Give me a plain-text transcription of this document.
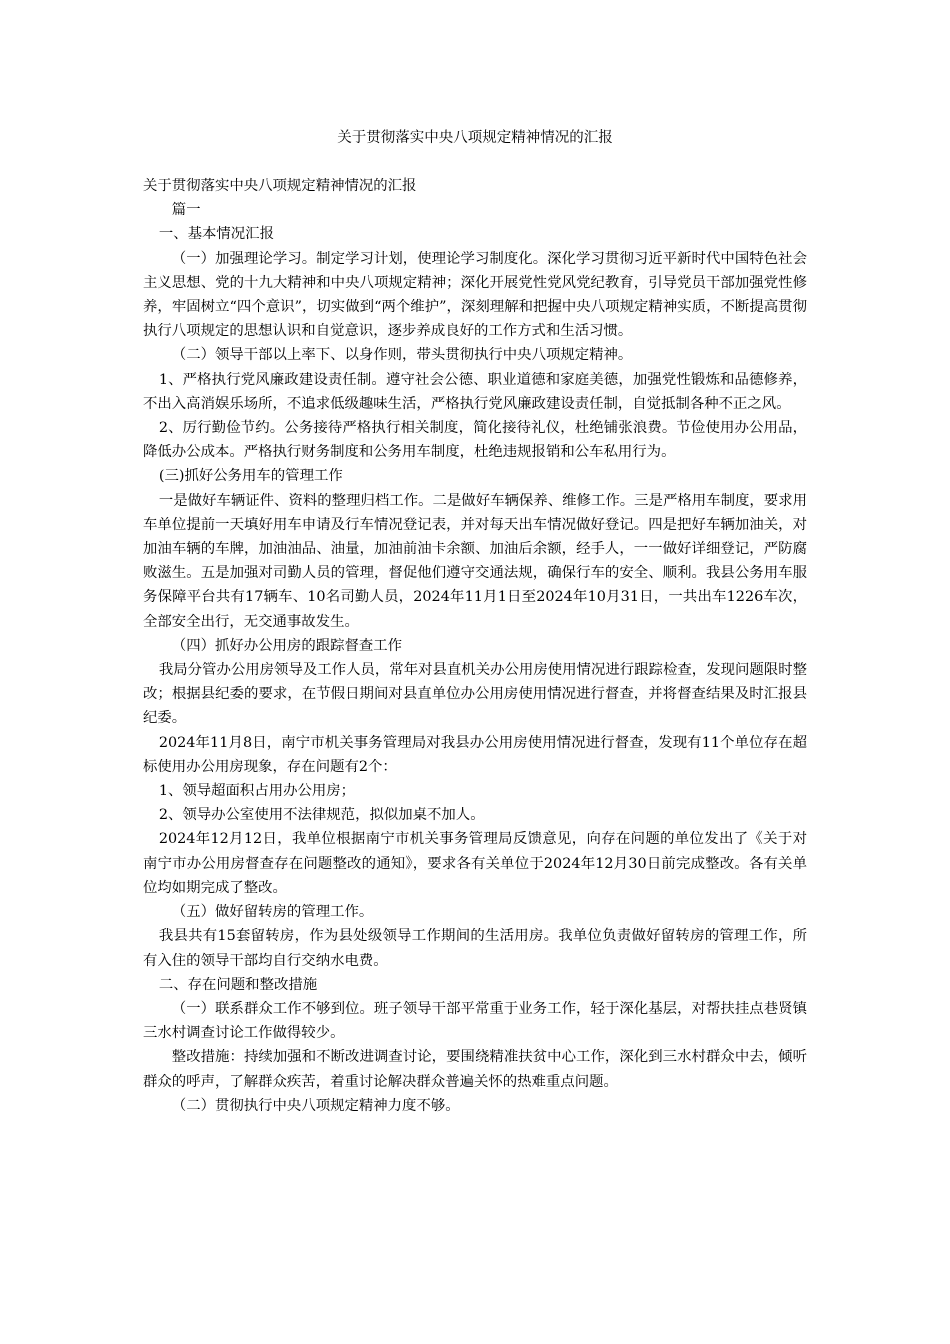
关于贯彻落实中央八项规定精神情况的汇报

关于贯彻落实中央八项规定精神情况的汇报

篇一

一、基本情况汇报

（一）加强理论学习。制定学习计划，使理论学习制度化。深化学习贯彻习近平新时代中国特色社会主义思想、党的十九大精神和中央八项规定精神；深化开展党性党风党纪教育，引导党员干部加强党性修养，牢固树立“四个意识”，切实做到“两个维护”，深刻理解和把握中央八项规定精神实质，不断提高贯彻执行八项规定的思想认识和自觉意识，逐步养成良好的工作方式和生活习惯。

（二）领导干部以上率下、以身作则，带头贯彻执行中央八项规定精神。

1、严格执行党风廉政建设责任制。遵守社会公德、职业道德和家庭美德，加强党性锻炼和品德修养，不出入高消娱乐场所，不追求低级趣味生活，严格执行党风廉政建设责任制，自觉抵制各种不正之风。

2、厉行勤俭节约。公务接待严格执行相关制度，简化接待礼仪，杜绝铺张浪费。节俭使用办公用品，降低办公成本。严格执行财务制度和公务用车制度，杜绝违规报销和公车私用行为。

(三)抓好公务用车的管理工作

一是做好车辆证件、资料的整理归档工作。二是做好车辆保养、维修工作。三是严格用车制度，要求用车单位提前一天填好用车申请及行车情况登记表，并对每天出车情况做好登记。四是把好车辆加油关，对加油车辆的车牌，加油油品、油量，加油前油卡余额、加油后余额，经手人，一一做好详细登记，严防腐败滋生。五是加强对司勤人员的管理，督促他们遵守交通法规，确保行车的安全、顺利。我县公务用车服务保障平台共有17辆车、10名司勤人员，2024年11月1日至2024年10月31日，一共出车1226车次，全部安全出行，无交通事故发生。

（四）抓好办公用房的跟踪督查工作

我局分管办公用房领导及工作人员，常年对县直机关办公用房使用情况进行跟踪检查，发现问题限时整改；根据县纪委的要求，在节假日期间对县直单位办公用房使用情况进行督查，并将督查结果及时汇报县纪委。

2024年11月8日，南宁市机关事务管理局对我县办公用房使用情况进行督查，发现有11个单位存在超标使用办公用房现象，存在问题有2个：

1、领导超面积占用办公用房；

2、领导办公室使用不法律规范，拟似加桌不加人。

2024年12月12日，我单位根据南宁市机关事务管理局反馈意见，向存在问题的单位发出了《关于对南宁市办公用房督查存在问题整改的通知》，要求各有关单位于2024年12月30日前完成整改。各有关单位均如期完成了整改。

（五）做好留转房的管理工作。

我县共有15套留转房，作为县处级领导工作期间的生活用房。我单位负责做好留转房的管理工作，所有入住的领导干部均自行交纳水电费。

二、存在问题和整改措施

（一）联系群众工作不够到位。班子领导干部平常重于业务工作，轻于深化基层，对帮扶挂点巷贤镇三水村调查讨论工作做得较少。

整改措施：持续加强和不断改进调查讨论，要围绕精准扶贫中心工作，深化到三水村群众中去，倾听群众的呼声，了解群众疾苦，着重讨论解决群众普遍关怀的热难重点问题。

（二）贯彻执行中央八项规定精神力度不够。
